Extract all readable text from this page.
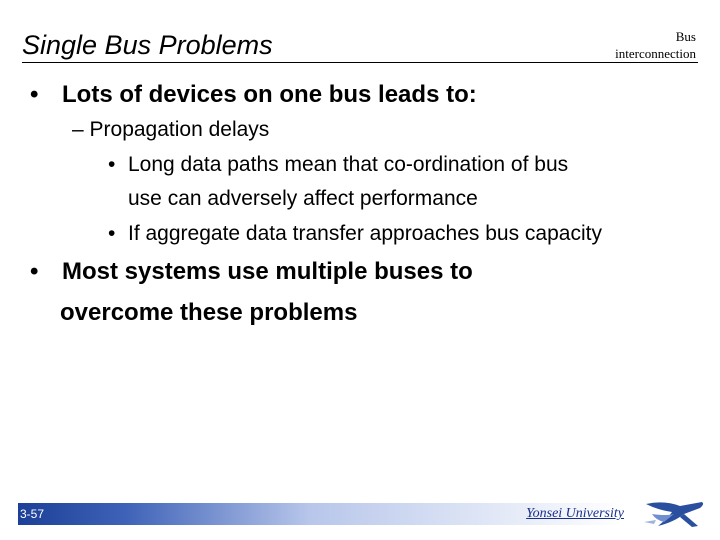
Single Bus Problems	Bus
interconnection
• Lots of devices on one bus leads to:
– Propagation delays
• Long data paths mean that co-ordination of bus
use can adversely affect performance
• If aggregate data transfer approaches bus capacity
• Most systems use multiple buses to
overcome these problems
3-57	Yonsei University
